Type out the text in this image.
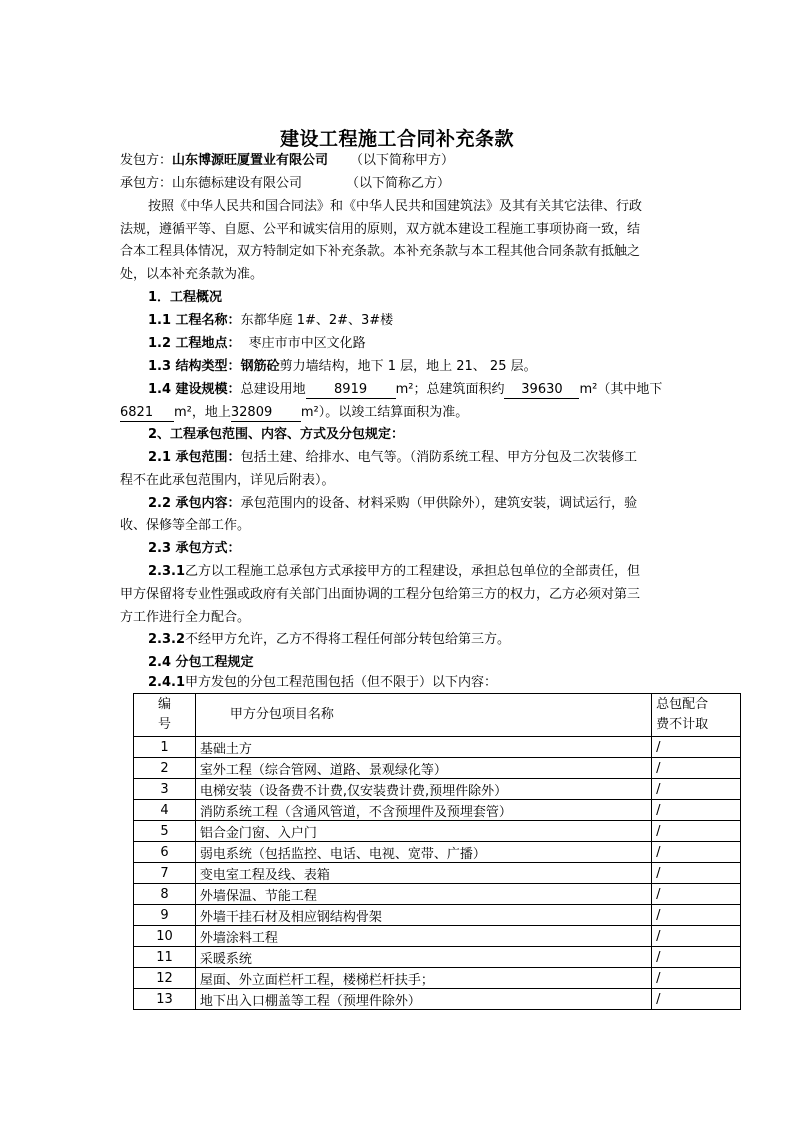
建设工程施工合同补充条款
发包方：山东博源旺厦置业有限公司 （以下简称甲方）
承包方：山东德标建设有限公司	（以下简称乙方）
按照《中华人民共和国合同法》和《中华人民共和国建筑法》及其有关其它法律、行政
法规，遵循平等、自愿、公平和诚实信用的原则，双方就本建设工程施工事项协商一致，结
合本工程具体情况，双方特制定如下补充条款。本补充条款与本工程其他合同条款有抵触之
处，以本补充条款为准。
1．工程概况
1.1 工程名称：东都华庭 1#、2#、3#楼
1.2 工程地点： 枣庄市市中区文化路
1.3 结构类型：钢筋砼剪力墙结构，地下 1 层，地上 21、 25 层。
1.4 建设规模：总建设用地 8919 m²；总建筑面积约 39630 m²（其中地下
6821 m²，地上32809 m²）。以竣工结算面积为准。
2、工程承包范围、内容、方式及分包规定：
2.1 承包范围：包括土建、给排水、电气等。（消防系统工程、甲方分包及二次装修工
程不在此承包范围内，详见后附表）。
2.2 承包内容：承包范围内的设备、材料采购（甲供除外），建筑安装，调试运行，验
收、保修等全部工作。
2.3 承包方式：
2.3.1乙方以工程施工总承包方式承接甲方的工程建设，承担总包单位的全部责任，但
甲方保留将专业性强或政府有关部门出面协调的工程分包给第三方的权力，乙方必须对第三
方工作进行全力配合。
2.3.2不经甲方允许，乙方不得将工程任何部分转包给第三方。
2.4 分包工程规定
2.4.1甲方发包的分包工程范围包括（但不限于）以下内容：
编
号	甲方分包项目名称	总包配合
费不计取
1	基础土方	/
2	室外工程（综合管网、道路、景观绿化等）	/
3	电梯安装（设备费不计费,仅安装费计费,预埋件除外）	/
4	消防系统工程（含通风管道，不含预埋件及预埋套管）	/
5	铝合金门窗、入户门	/
6	弱电系统（包括监控、电话、电视、宽带、广播）	/
7	变电室工程及线、表箱	/
8	外墙保温、节能工程	/
9	外墙干挂石材及相应钢结构骨架	/
10	外墙涂料工程	/
11	采暖系统	/
12	屋面、外立面栏杆工程，楼梯栏杆扶手；	/
13	地下出入口棚盖等工程（预埋件除外）	/
